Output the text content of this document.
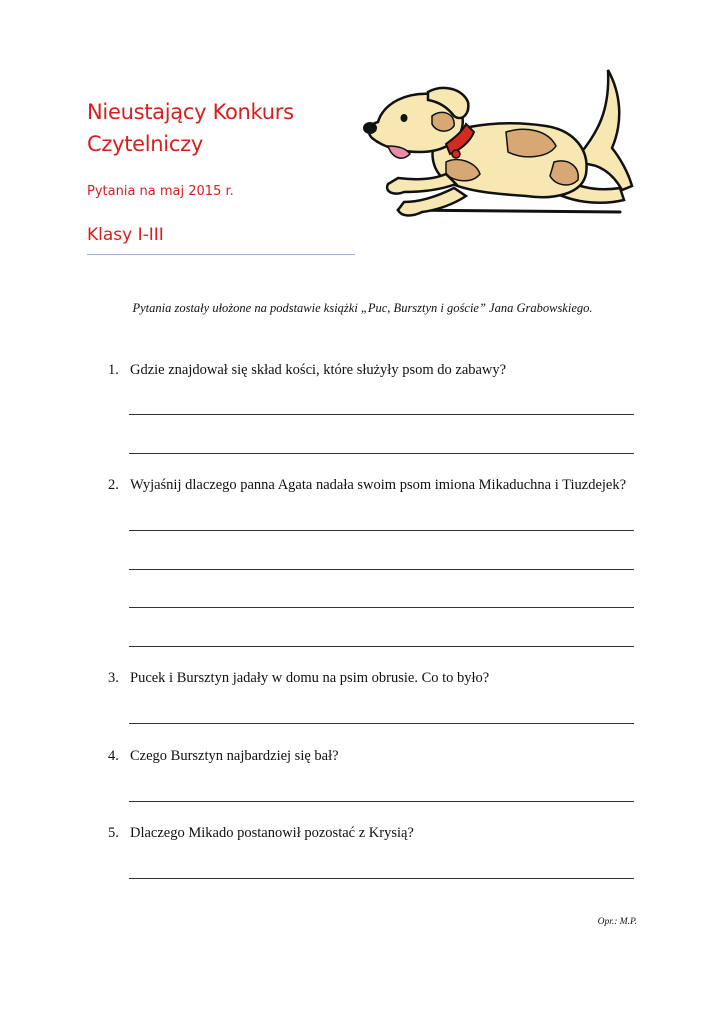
Nieustający Konkurs
Czytelniczy
Pytania na maj 2015 r.
Klasy I-III
Pytania zostały ułożone na podstawie książki „Puc, Bursztyn i goście” Jana Grabowskiego.
1. Gdzie znajdował się skład kości, które służyły psom do zabawy?
2. Wyjaśnij dlaczego panna Agata nadała swoim psom imiona Mikaduchna i Tiuzdejek?
3. Pucek i Bursztyn jadały w domu na psim obrusie. Co to było?
4. Czego Bursztyn najbardziej się bał?
5. Dlaczego Mikado postanowił pozostać z Krysią?
Opr.: M.P.
